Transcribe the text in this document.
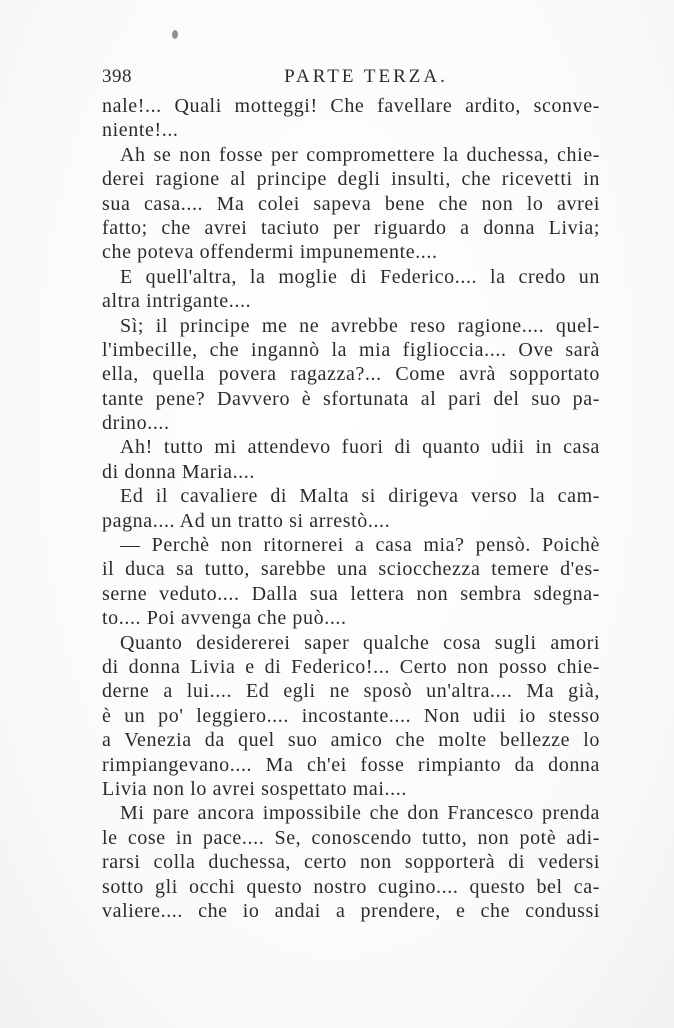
398	PARTE TERZA.
nale!... Quali motteggi! Che favellare ardito, sconve-
niente!...
Ah se non fosse per compromettere la duchessa, chie-
derei ragione al principe degli insulti, che ricevetti in
sua casa.... Ma colei sapeva bene che non lo avrei
fatto; che avrei taciuto per riguardo a donna Livia;
che poteva offendermi impunemente....
E quell'altra, la moglie di Federico.... la credo un
altra intrigante....
Sì; il principe me ne avrebbe reso ragione.... quel-
l'imbecille, che ingannò la mia figlioccia.... Ove sarà
ella, quella povera ragazza?... Come avrà sopportato
tante pene? Davvero è sfortunata al pari del suo pa-
drino....
Ah! tutto mi attendevo fuori di quanto udii in casa
di donna Maria....
Ed il cavaliere di Malta si dirigeva verso la cam-
pagna.... Ad un tratto si arrestò....
— Perchè non ritornerei a casa mia? pensò. Poichè
il duca sa tutto, sarebbe una sciocchezza temere d'es-
serne veduto.... Dalla sua lettera non sembra sdegna-
to.... Poi avvenga che può....
Quanto desidererei saper qualche cosa sugli amori
di donna Livia e di Federico!... Certo non posso chie-
derne a lui.... Ed egli ne sposò un'altra.... Ma già,
è un po' leggiero.... incostante.... Non udii io stesso
a Venezia da quel suo amico che molte bellezze lo
rimpiangevano.... Ma ch'ei fosse rimpianto da donna
Livia non lo avrei sospettato mai....
Mi pare ancora impossibile che don Francesco prenda
le cose in pace.... Se, conoscendo tutto, non potè adi-
rarsi colla duchessa, certo non sopporterà di vedersi
sotto gli occhi questo nostro cugino.... questo bel ca-
valiere.... che io andai a prendere, e che condussi
